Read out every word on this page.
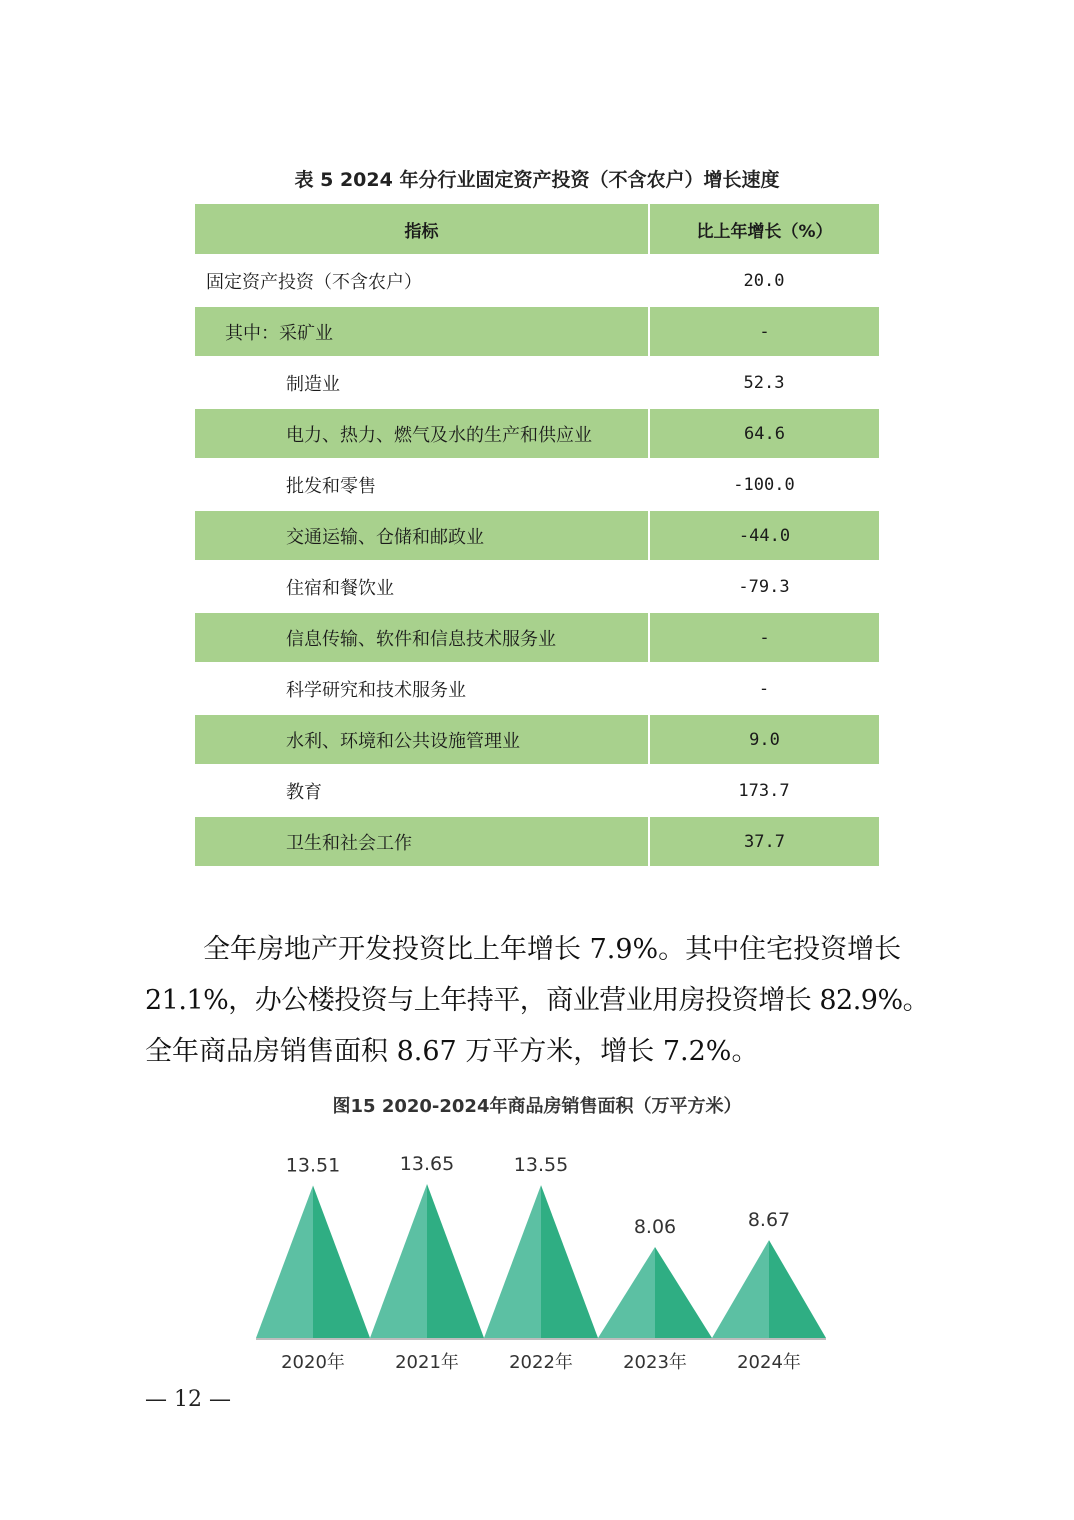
表 5 2024 年分行业固定资产投资（不含农户）增长速度
指标	比上年增长（%）
固定资产投资（不含农户）	20.0
其中：采矿业	-
制造业	52.3
电力、热力、燃气及水的生产和供应业	64.6
批发和零售	-100.0
交通运输、仓储和邮政业	-44.0
住宿和餐饮业	-79.3
信息传输、软件和信息技术服务业	-
科学研究和技术服务业	-
水利、环境和公共设施管理业	9.0
教育	173.7
卫生和社会工作	37.7
全年房地产开发投资比上年增长 7.9%。其中住宅投资增长
21.1%，办公楼投资与上年持平，商业营业用房投资增长 82.9%。
全年商品房销售面积 8.67 万平方米，增长 7.2%。
图15 2020-2024年商品房销售面积（万平方米）
13.51
2020年
13.65
2021年
13.55
2022年
8.06
2023年
8.67
2024年
— 12 —
